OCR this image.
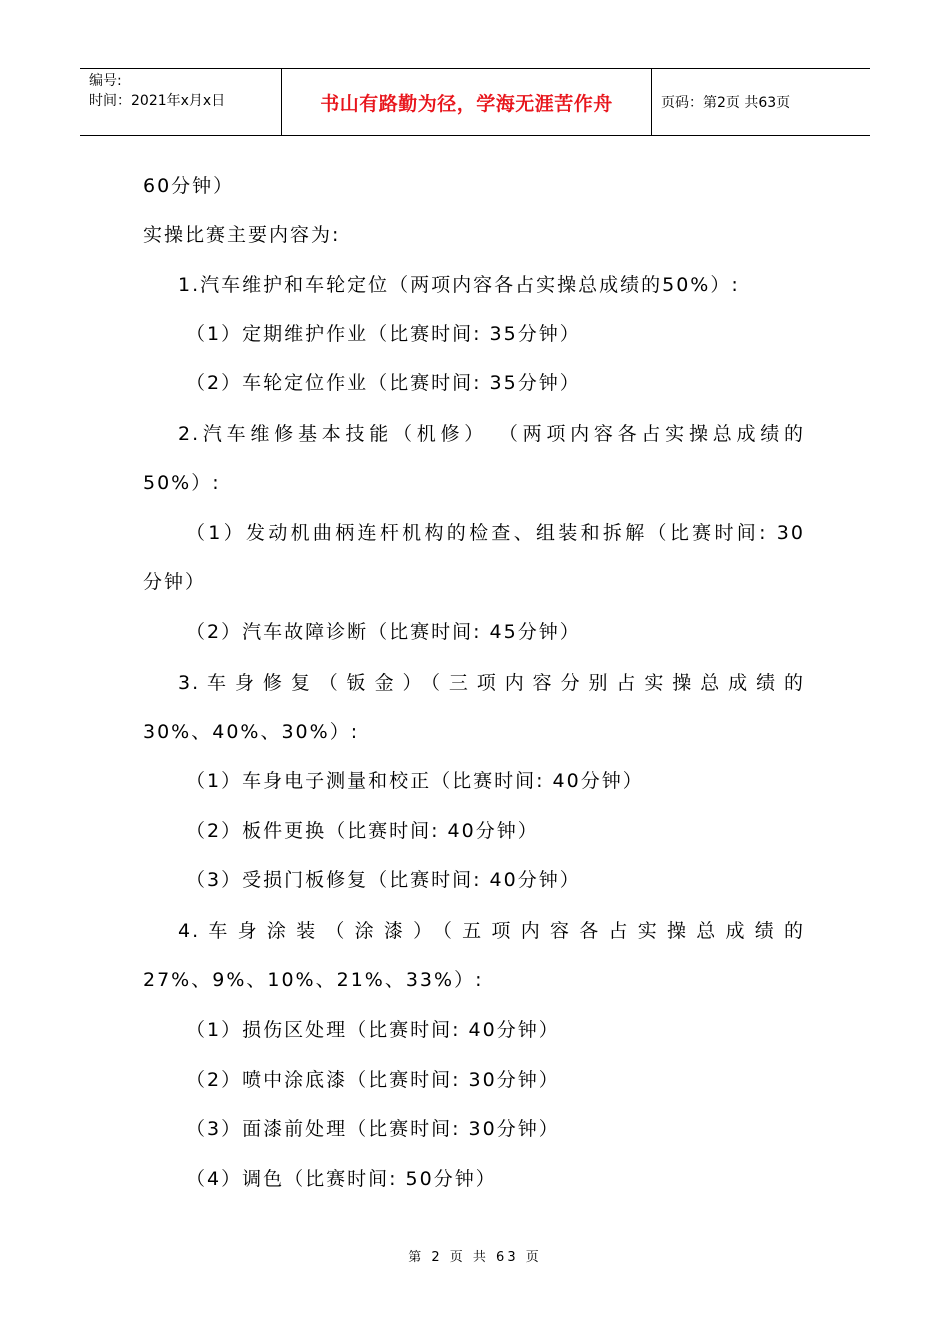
编号:
时间：2021年x月x日	书山有路勤为径，学海无涯苦作舟	页码：第2页 共63页
60分钟）
实操比赛主要内容为:
1.汽车维护和车轮定位（两项内容各占实操总成绩的50%）:
（1）定期维护作业（比赛时间: 35分钟）
（2）车轮定位作业（比赛时间: 35分钟）
2.汽车维修基本技能（机修） （两项内容各占实操总成绩的
50%）:
（1）发动机曲柄连杆机构的检查、组装和拆解（比赛时间: 30
分钟）
（2）汽车故障诊断（比赛时间: 45分钟）
3.车身修复（钣金）（三项内容分别占实操总成绩的
30%、40%、30%）:
（1）车身电子测量和校正（比赛时间: 40分钟）
（2）板件更换（比赛时间: 40分钟）
（3）受损门板修复（比赛时间: 40分钟）
4.车身涂装（涂漆）（五项内容各占实操总成绩的
27%、9%、10%、21%、33%）:
（1）损伤区处理（比赛时间: 40分钟）
（2）喷中涂底漆（比赛时间: 30分钟）
（3）面漆前处理（比赛时间: 30分钟）
（4）调色（比赛时间: 50分钟）
第 2 页 共 63 页
